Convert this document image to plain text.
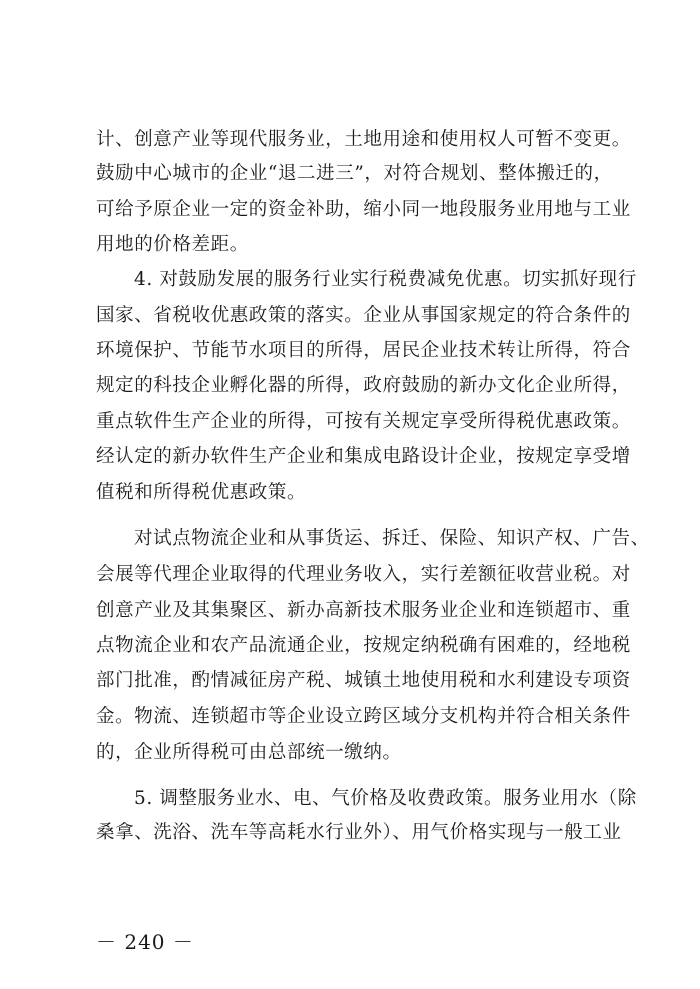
计、创意产业等现代服务业，土地用途和使用权人可暂不变更。
鼓励中心城市的企业“退二进三”，对符合规划、整体搬迁的，
可给予原企业一定的资金补助，缩小同一地段服务业用地与工业
用地的价格差距。
4. 对鼓励发展的服务行业实行税费减免优惠。切实抓好现行
国家、省税收优惠政策的落实。企业从事国家规定的符合条件的
环境保护、节能节水项目的所得，居民企业技术转让所得，符合
规定的科技企业孵化器的所得，政府鼓励的新办文化企业所得，
重点软件生产企业的所得，可按有关规定享受所得税优惠政策。
经认定的新办软件生产企业和集成电路设计企业，按规定享受增
值税和所得税优惠政策。
对试点物流企业和从事货运、拆迁、保险、知识产权、广告、
会展等代理企业取得的代理业务收入，实行差额征收营业税。对
创意产业及其集聚区、新办高新技术服务业企业和连锁超市、重
点物流企业和农产品流通企业，按规定纳税确有困难的，经地税
部门批准，酌情减征房产税、城镇土地使用税和水利建设专项资
金。物流、连锁超市等企业设立跨区域分支机构并符合相关条件
的，企业所得税可由总部统一缴纳。
5. 调整服务业水、电、气价格及收费政策。服务业用水（除
桑拿、洗浴、洗车等高耗水行业外）、用气价格实现与一般工业
－ 240 －
